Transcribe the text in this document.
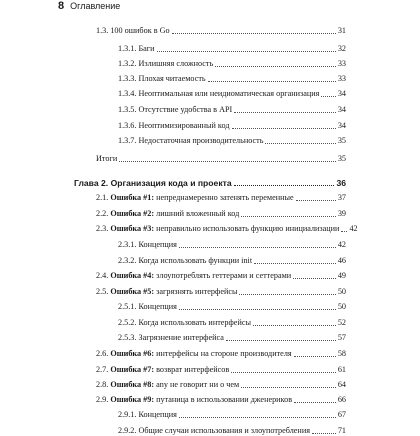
8 Оглавление
1.3. 100 ошибок в Go	31
1.3.1. Баги	32
1.3.2. Излишняя сложность	33
1.3.3. Плохая читаемость	33
1.3.4. Неоптимальная или неидиоматическая организация 34
1.3.5. Отсутствие удобства в API	34
1.3.6. Неоптимизированный код	34
1.3.7. Недостаточная производительность	35
Итоги	35
Глава 2. Организация кода и проекта	36
2.1. Ошибка #1: непреднамеренно затенять переменные	37
2.2. Ошибка #2: лишний вложенный код	39
2.3. Ошибка #3: неправильно использовать функцию инициализации 42
2.3.1. Концепция	42
2.3.2. Когда использовать функции init	46
2.4. Ошибка #4: злоупотреблять геттерами и сеттерами	49
2.5. Ошибка #5: загрязнять интерфейсы	50
2.5.1. Концепция	50
2.5.2. Когда использовать интерфейсы	52
2.5.3. Загрязнение интерфейса	57
2.6. Ошибка #6: интерфейсы на стороне производителя	58
2.7. Ошибка #7: возврат интерфейсов	61
2.8. Ошибка #8: any не говорит ни о чем	64
2.9. Ошибка #9: путаница в использовании дженериков	66
2.9.1. Концепция	67
2.9.2. Общие случаи использования и злоупотребления	71
